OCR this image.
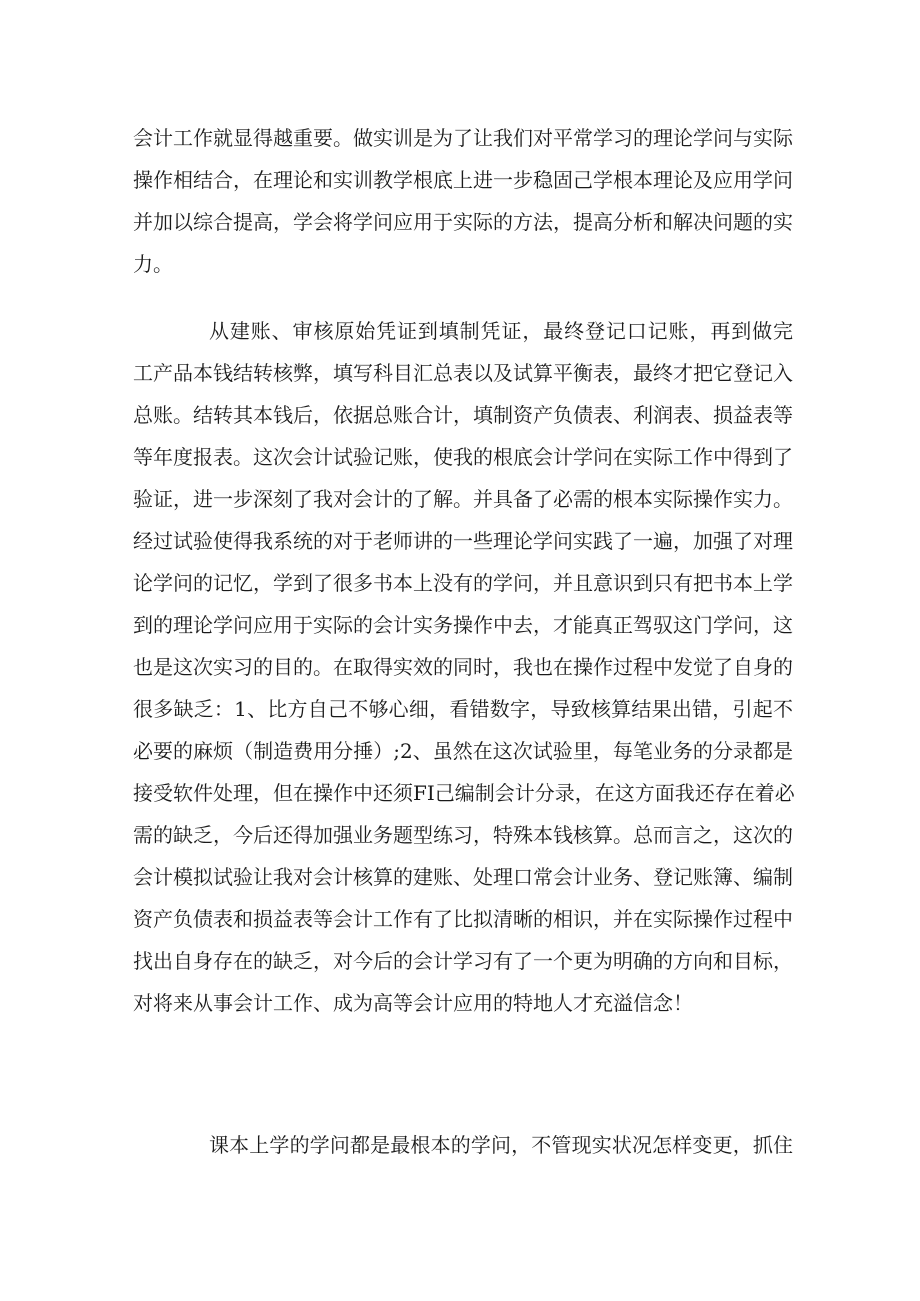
会计工作就显得越重要。做实训是为了让我们对平常学习的理论学问与实际
操作相结合，在理论和实训教学根底上进一步稳固己学根本理论及应用学问
并加以综合提高，学会将学问应用于实际的方法，提高分析和解决问题的实
力。
从建账、审核原始凭证到填制凭证，最终登记口记账，再到做完
工产品本钱结转核弊，填写科目汇总表以及试算平衡表，最终才把它登记入
总账。结转其本钱后，依据总账合计，填制资产负债表、利润表、损益表等
等年度报表。这次会计试验记账，使我的根底会计学问在实际工作中得到了
验证，进一步深刻了我对会计的了解。并具备了必需的根本实际操作实力。
经过试验使得我系统的对于老师讲的一些理论学问实践了一遍，加强了对理
论学问的记忆，学到了很多书本上没有的学问，并且意识到只有把书本上学
到的理论学问应用于实际的会计实务操作中去，才能真正驾驭这门学问，这
也是这次实习的目的。在取得实效的同时，我也在操作过程中发觉了自身的
很多缺乏：1、比方自己不够心细，看错数字，导致核算结果出错，引起不
必要的麻烦（制造费用分捶）;2、虽然在这次试验里，每笔业务的分录都是
接受软件处理，但在操作中还须FI己编制会计分录，在这方面我还存在着必
需的缺乏，今后还得加强业务题型练习，特殊本钱核算。总而言之，这次的
会计模拟试验让我对会计核算的建账、处理口常会计业务、登记账簿、编制
资产负债表和损益表等会计工作有了比拟清晰的相识，并在实际操作过程中
找出自身存在的缺乏，对今后的会计学习有了一个更为明确的方向和目标，
对将来从事会计工作、成为高等会计应用的特地人才充溢信念！
课本上学的学问都是最根本的学问，不管现实状况怎样变更，抓住
